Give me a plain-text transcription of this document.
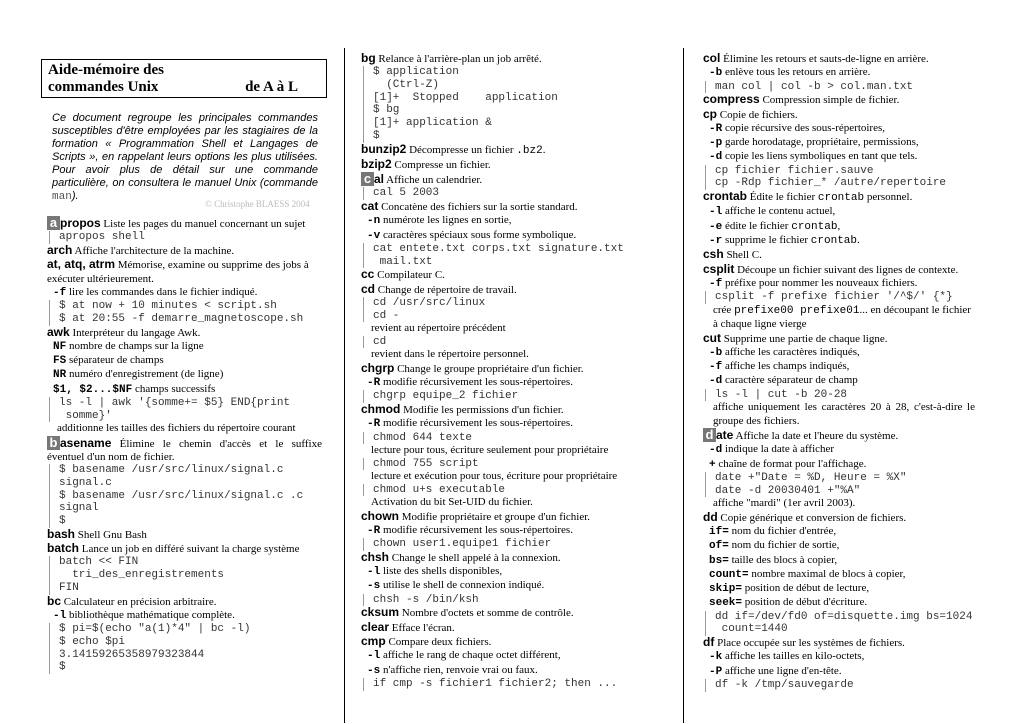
Aide-mémoire des
commandes Unix	de A à L
Ce document regroupe les principales commandes susceptibles d'être employées par les stagiaires de la formation « Programmation Shell et Langages de Scripts », en rappelant leurs options les plus utilisées. Pour avoir plus de détail sur une commande particulière, on consultera le manuel Unix (commande man).
© Christophe BLAESS 2004
a propos Liste les pages du manuel concernant un sujet
apropos shell
arch Affiche l'architecture de la machine.
at, atq, atrm Mémorise, examine ou supprime des jobs à exécuter ultérieurement.
-f lire les commandes dans le fichier indiqué.
$ at now + 10 minutes < script.sh
$ at 20:55 -f demarre_magnetoscope.sh
awk Interpréteur du langage Awk.
NF nombre de champs sur la ligne
FS séparateur de champs
NR numéro d'enregistrement (de ligne)
$1, $2...$NF champs successifs
ls -l | awk '{somme+= $5} END{print
somme}'
additionne les tailles des fichiers du répertoire courant
b asename Élimine le chemin d'accès et le suffixe éventuel d'un nom de fichier.
$ basename /usr/src/linux/signal.c
signal.c
$ basename /usr/src/linux/signal.c .c
signal
$
bash Shell Gnu Bash
batch Lance un job en différé suivant la charge système
batch << FIN
tri_des_enregistrements
FIN
bc Calculateur en précision arbitraire.
-l bibliothèque mathématique complète.
$ pi=$(echo "a(1)*4" | bc -l)
$ echo $pi
3.14159265358979323844
$
bg Relance à l'arrière-plan un job arrêté.
$ application
(Ctrl-Z)
[1]+  Stopped    application
$ bg
[1]+ application &
$
bunzip2 Décompresse un fichier .bz2.
bzip2 Compresse un fichier.
c al Affiche un calendrier.
cal 5 2003
cat Concatène des fichiers sur la sortie standard.
-n numérote les lignes en sortie,
-v caractères spéciaux sous forme symbolique.
cat entete.txt corps.txt signature.txt
mail.txt
cc Compilateur C.
cd Change de répertoire de travail.
cd /usr/src/linux
cd -
revient au répertoire précédent
cd
revient dans le répertoire personnel.
chgrp Change le groupe propriétaire d'un fichier.
-R modifie récursivement les sous-répertoires.
chgrp equipe_2 fichier
chmod Modifie les permissions d'un fichier.
-R modifie récursivement les sous-répertoires.
chmod 644 texte
lecture pour tous, écriture seulement pour propriétaire
chmod 755 script
lecture et exécution pour tous, écriture pour propriétaire
chmod u+s executable
Activation du bit Set-UID du fichier.
chown Modifie propriétaire et groupe d'un fichier.
-R modifie récursivement les sous-répertoires.
chown user1.equipe1 fichier
chsh Change le shell appelé à la connexion.
-l liste des shells disponibles,
-s utilise le shell de connexion indiqué.
chsh -s /bin/ksh
cksum Nombre d'octets et somme de contrôle.
clear Efface l'écran.
cmp Compare deux fichiers.
-l affiche le rang de chaque octet différent,
-s n'affiche rien, renvoie vrai ou faux.
if cmp -s fichier1 fichier2; then ...
col Élimine les retours et sauts-de-ligne en arrière.
-b enlève tous les retours en arrière.
man col | col -b > col.man.txt
compress Compression simple de fichier.
cp Copie de fichiers.
-R copie récursive des sous-répertoires,
-p garde horodatage, propriétaire, permissions,
-d copie les liens symboliques en tant que tels.
cp fichier fichier.sauve
cp -Rdp fichier_* /autre/repertoire
crontab Édite le fichier crontab personnel.
-l affiche le contenu actuel,
-e édite le fichier crontab,
-r supprime le fichier crontab.
csh Shell C.
csplit Découpe un fichier suivant des lignes de contexte.
-f préfixe pour nommer les nouveaux fichiers.
csplit -f prefixe fichier '/^$/' {*}
crée prefixe00 prefixe01... en découpant le fichier à chaque ligne vierge
cut Supprime une partie de chaque ligne.
-b affiche les caractères indiqués,
-f affiche les champs indiqués,
-d caractère séparateur de champ
ls -l | cut -b 20-28
affiche uniquement les caractères 20 à 28, c'est-à-dire le groupe des fichiers.
d ate Affiche la date et l'heure du système.
-d indique la date à afficher
+ chaîne de format pour l'affichage.
date +"Date = %D, Heure = %X"
date -d 20030401 +"%A"
affiche "mardi" (1er avril 2003).
dd Copie générique et conversion de fichiers.
if= nom du fichier d'entrée,
of= nom du fichier de sortie,
bs= taille des blocs à copier,
count= nombre maximal de blocs à copier,
skip= position de début de lecture,
seek= position de début d'écriture.
dd if=/dev/fd0 of=disquette.img bs=1024
count=1440
df Place occupée sur les systèmes de fichiers.
-k affiche les tailles en kilo-octets,
-P affiche une ligne d'en-tête.
df -k /tmp/sauvegarde
